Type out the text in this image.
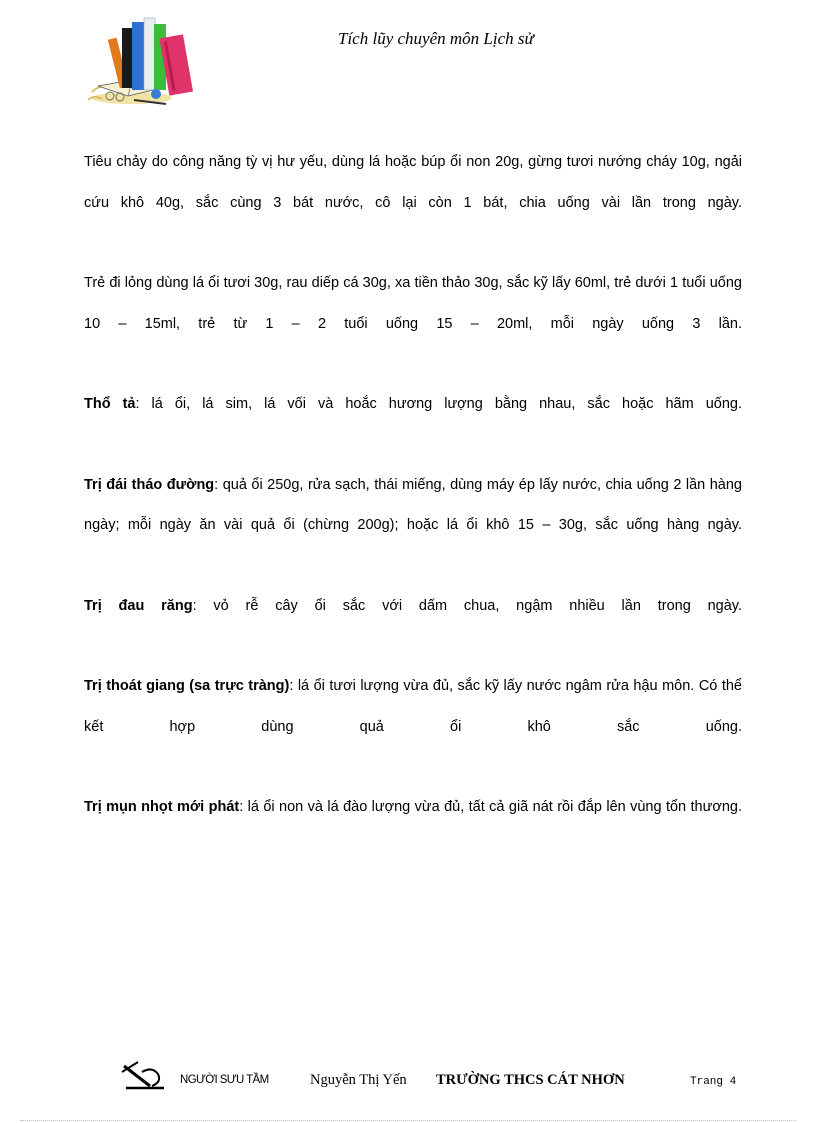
Tích lũy chuyên môn Lịch sử

Tiêu chảy do công năng tỳ vị hư yếu, dùng lá hoặc búp ổi non 20g, gừng tươi nướng cháy 10g, ngải cứu khô 40g, sắc cùng 3 bát nước, cô lại còn 1 bát, chia uống vài lần trong ngày.

Trẻ đi lỏng dùng lá ổi tươi 30g, rau diếp cá 30g, xa tiền thảo 30g, sắc kỹ lấy 60ml, trẻ dưới 1 tuổi uống 10 – 15ml, trẻ từ 1 – 2 tuổi uống 15 – 20ml, mỗi ngày uống 3 lần.

Thổ tả: lá ổi, lá sim, lá vối và hoắc hương lượng bằng nhau, sắc hoặc hãm uống.

Trị đái tháo đường: quả ổi 250g, rửa sạch, thái miếng, dùng máy ép lấy nước, chia uống 2 lần hàng ngày; mỗi ngày ăn vài quả ổi (chừng 200g); hoặc lá ổi khô 15 – 30g, sắc uống hàng ngày.

Trị đau răng: vỏ rễ cây ổi sắc với dấm chua, ngậm nhiều lần trong ngày.

Trị thoát giang (sa trực tràng): lá ổi tươi lượng vừa đủ, sắc kỹ lấy nước ngâm rửa hậu môn. Có thể kết hợp dùng quả ổi khô sắc uống.

Trị mụn nhọt mới phát: lá ổi non và lá đào lượng vừa đủ, tất cả giã nát rồi đắp lên vùng tổn thương.

NGƯỜI SƯU TẦM	Nguyễn Thị Yến TRƯỜNG THCS CÁT NHƠN	Trang 4
